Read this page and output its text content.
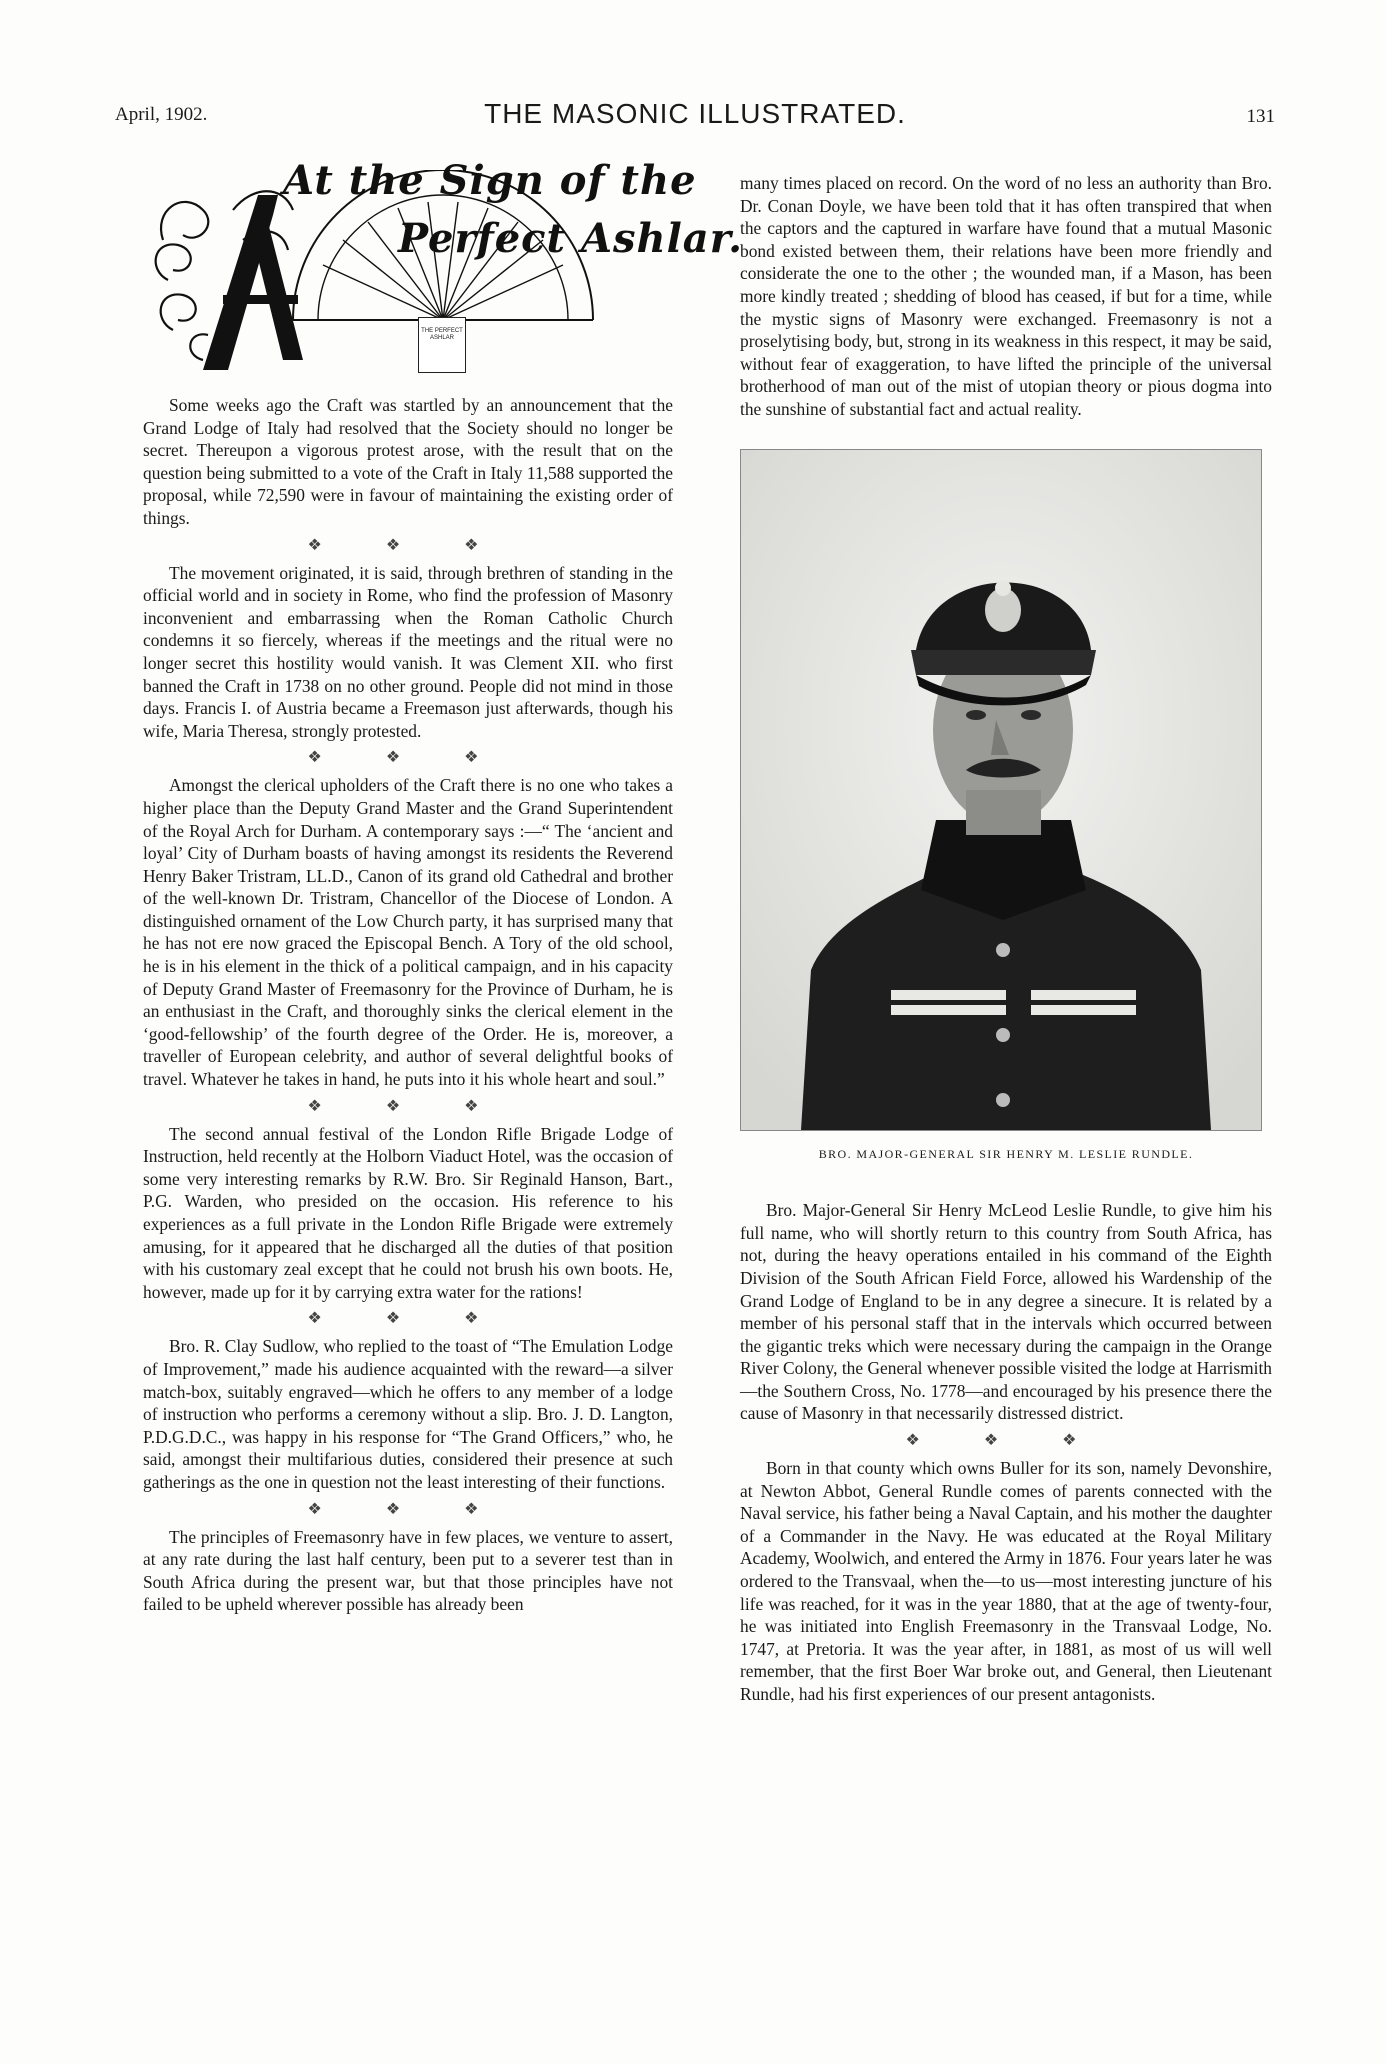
April, 1902.	THE MASONIC ILLUSTRATED.	131
At the Sign of the
Perfect Ashlar.
THE PERFECT ASHLAR

Some weeks ago the Craft was startled by an announcement that the Grand Lodge of Italy had resolved that the Society should no longer be secret. Thereupon a vigorous protest arose, with the result that on the question being submitted to a vote of the Craft in Italy 11,588 supported the proposal, while 72,590 were in favour of maintaining the existing order of things.

❖ ❖ ❖

The movement originated, it is said, through brethren of standing in the official world and in society in Rome, who find the profession of Masonry inconvenient and embarrassing when the Roman Catholic Church condemns it so fiercely, whereas if the meetings and the ritual were no longer secret this hostility would vanish. It was Clement XII. who first banned the Craft in 1738 on no other ground. People did not mind in those days. Francis I. of Austria became a Freemason just afterwards, though his wife, Maria Theresa, strongly protested.

❖ ❖ ❖

Amongst the clerical upholders of the Craft there is no one who takes a higher place than the Deputy Grand Master and the Grand Superintendent of the Royal Arch for Durham. A contemporary says :—“ The ‘ancient and loyal’ City of Durham boasts of having amongst its residents the Reverend Henry Baker Tristram, LL.D., Canon of its grand old Cathedral and brother of the well-known Dr. Tristram, Chancellor of the Diocese of London. A distinguished ornament of the Low Church party, it has surprised many that he has not ere now graced the Episcopal Bench. A Tory of the old school, he is in his element in the thick of a political campaign, and in his capacity of Deputy Grand Master of Freemasonry for the Province of Durham, he is an enthusiast in the Craft, and thoroughly sinks the clerical element in the ‘good-fellowship’ of the fourth degree of the Order. He is, moreover, a traveller of European celebrity, and author of several delightful books of travel. Whatever he takes in hand, he puts into it his whole heart and soul.”

❖ ❖ ❖

The second annual festival of the London Rifle Brigade Lodge of Instruction, held recently at the Holborn Viaduct Hotel, was the occasion of some very interesting remarks by R.W. Bro. Sir Reginald Hanson, Bart., P.G. Warden, who presided on the occasion. His reference to his experiences as a full private in the London Rifle Brigade were extremely amusing, for it appeared that he discharged all the duties of that position with his customary zeal except that he could not brush his own boots. He, however, made up for it by carrying extra water for the rations!

❖ ❖ ❖

Bro. R. Clay Sudlow, who replied to the toast of “The Emulation Lodge of Improvement,” made his audience acquainted with the reward—a silver match-box, suitably engraved—which he offers to any member of a lodge of instruction who performs a ceremony without a slip. Bro. J. D. Langton, P.D.G.D.C., was happy in his response for “The Grand Officers,” who, he said, amongst their multifarious duties, considered their presence at such gatherings as the one in question not the least interesting of their functions.

❖ ❖ ❖

The principles of Freemasonry have in few places, we venture to assert, at any rate during the last half century, been put to a severer test than in South Africa during the present war, but that those principles have not failed to be upheld wherever possible has already been

many times placed on record. On the word of no less an authority than Bro. Dr. Conan Doyle, we have been told that it has often transpired that when the captors and the captured in warfare have found that a mutual Masonic bond existed between them, their relations have been more friendly and considerate the one to the other ; the wounded man, if a Mason, has been more kindly treated ; shedding of blood has ceased, if but for a time, while the mystic signs of Masonry were exchanged. Freemasonry is not a proselytising body, but, strong in its weakness in this respect, it may be said, without fear of exaggeration, to have lifted the principle of the universal brotherhood of man out of the mist of utopian theory or pious dogma into the sunshine of substantial fact and actual reality.

BRO. MAJOR-GENERAL SIR HENRY M. LESLIE RUNDLE.

Bro. Major-General Sir Henry McLeod Leslie Rundle, to give him his full name, who will shortly return to this country from South Africa, has not, during the heavy operations entailed in his command of the Eighth Division of the South African Field Force, allowed his Wardenship of the Grand Lodge of England to be in any degree a sinecure. It is related by a member of his personal staff that in the intervals which occurred between the gigantic treks which were necessary during the campaign in the Orange River Colony, the General whenever possible visited the lodge at Harrismith—the Southern Cross, No. 1778—and encouraged by his presence there the cause of Masonry in that necessarily distressed district.

❖ ❖ ❖

Born in that county which owns Buller for its son, namely Devonshire, at Newton Abbot, General Rundle comes of parents connected with the Naval service, his father being a Naval Captain, and his mother the daughter of a Commander in the Navy. He was educated at the Royal Military Academy, Woolwich, and entered the Army in 1876. Four years later he was ordered to the Transvaal, when the—to us—most interesting juncture of his life was reached, for it was in the year 1880, that at the age of twenty-four, he was initiated into English Freemasonry in the Transvaal Lodge, No. 1747, at Pretoria. It was the year after, in 1881, as most of us will well remember, that the first Boer War broke out, and General, then Lieutenant Rundle, had his first experiences of our present antagonists.
